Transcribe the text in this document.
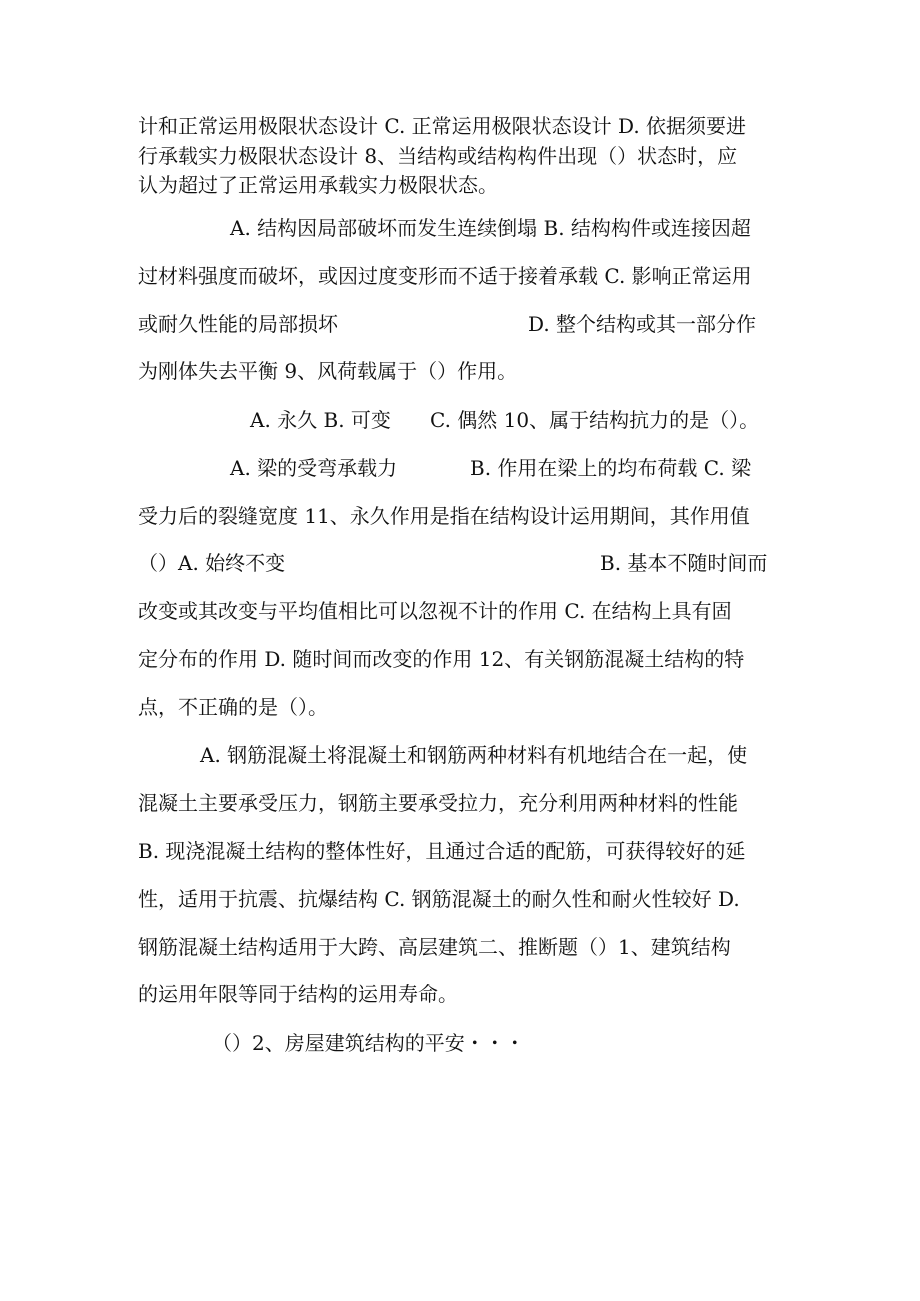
计和正常运用极限状态设计 C. 正常运用极限状态设计 D. 依据须要进
行承载实力极限状态设计 8、当结构或结构构件出现（）状态时，应
认为超过了正常运用承载实力极限状态。
A. 结构因局部破坏而发生连续倒塌 B. 结构构件或连接因超
过材料强度而破坏，或因过度变形而不适于接着承载 C. 影响正常运用
或耐久性能的局部损坏	D. 整个结构或其一部分作
为刚体失去平衡 9、风荷载属于（）作用。
A. 永久 B. 可变 C. 偶然 10、属于结构抗力的是（）。
A. 梁的受弯承载力	B. 作用在梁上的均布荷载 C. 梁
受力后的裂缝宽度 11、永久作用是指在结构设计运用期间，其作用值
（）A. 始终不变	B. 基本不随时间而
改变或其改变与平均值相比可以忽视不计的作用 C. 在结构上具有固
定分布的作用 D. 随时间而改变的作用 12、有关钢筋混凝土结构的特
点，不正确的是（）。
A. 钢筋混凝土将混凝土和钢筋两种材料有机地结合在一起，使
混凝土主要承受压力，钢筋主要承受拉力，充分利用两种材料的性能
B. 现浇混凝土结构的整体性好，且通过合适的配筋，可获得较好的延
性，适用于抗震、抗爆结构 C. 钢筋混凝土的耐久性和耐火性较好 D.
钢筋混凝土结构适用于大跨、高层建筑二、推断题（）1、建筑结构
的运用年限等同于结构的运用寿命。
（）2、房屋建筑结构的平安・・・
